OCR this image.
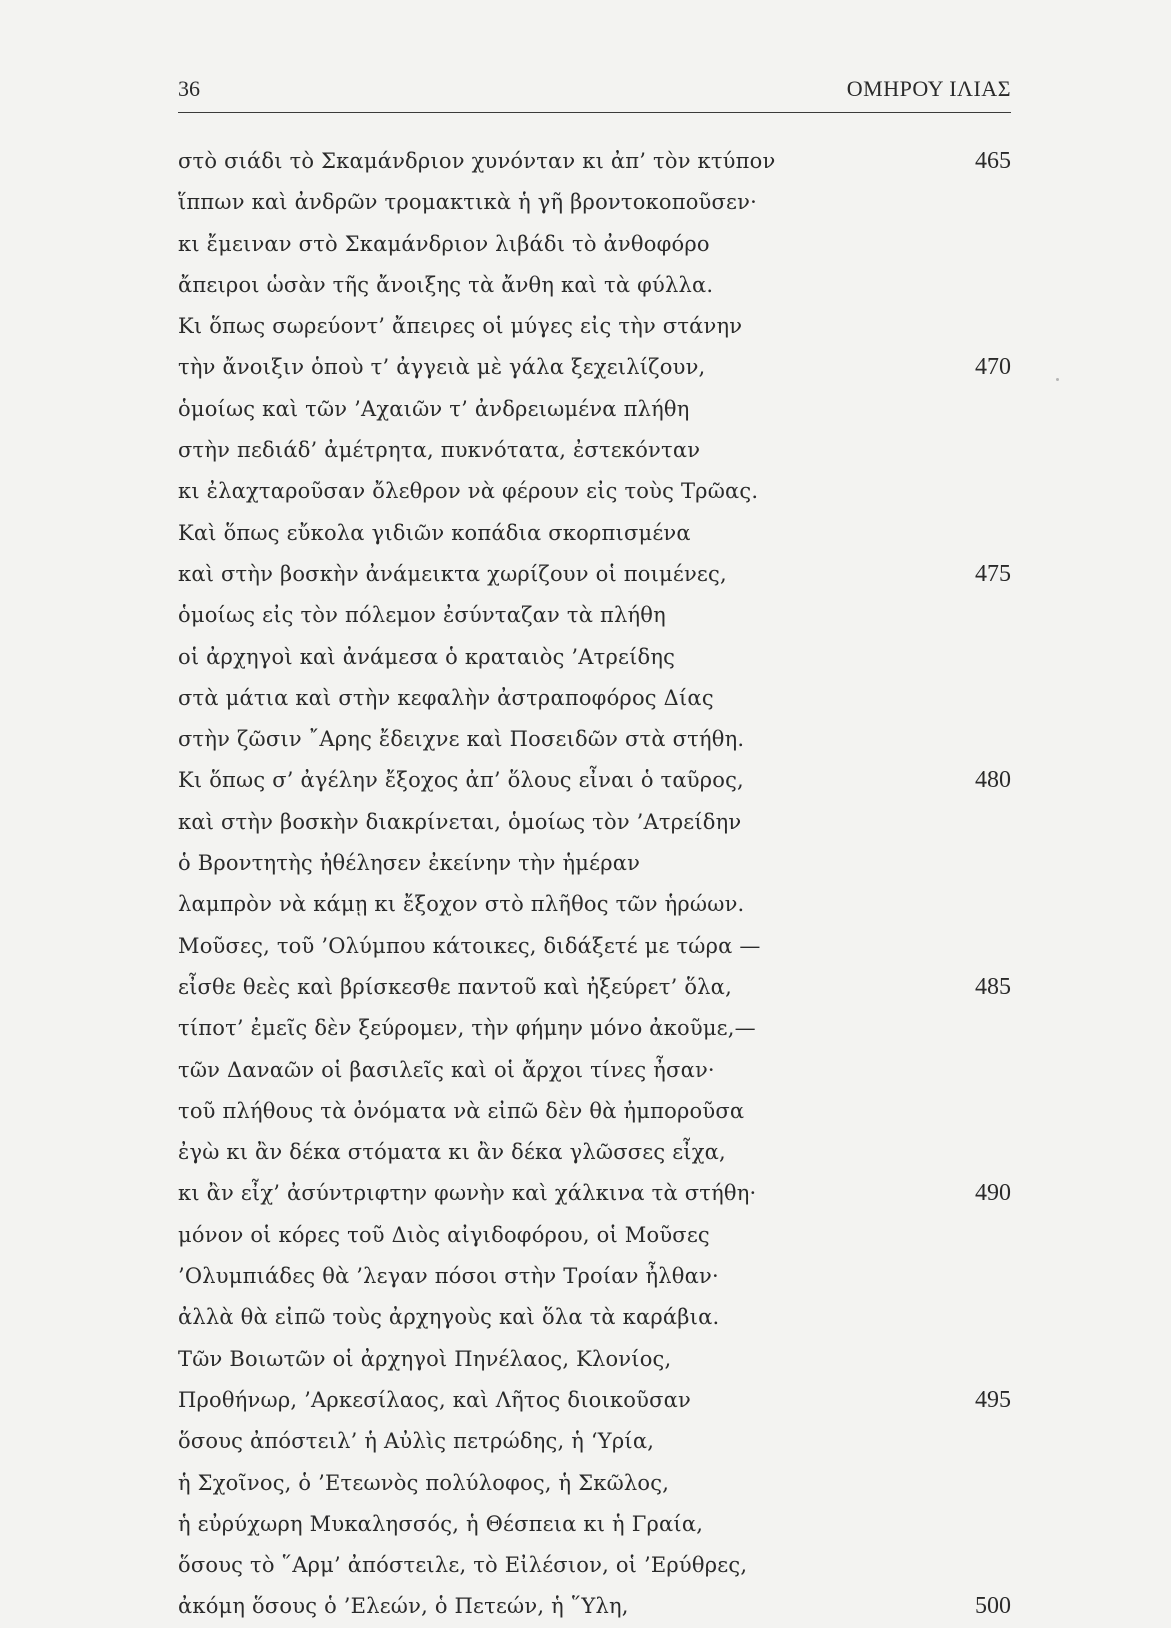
36	ΟΜΗΡΟΥ ΙΛΙΑΣ
στὸ σιάδι τὸ Σκαμάνδριον χυνόνταν κι ἀπ’ τὸν κτύπον	465
ἵππων καὶ ἀνδρῶν τρομακτικὰ ἡ γῆ βροντοκοποῦσεν·
κι ἔμειναν στὸ Σκαμάνδριον λιβάδι τὸ ἀνθοφόρο
ἄπειροι ὡσὰν τῆς ἄνοιξης τὰ ἄνθη καὶ τὰ φύλλα.
Κι ὅπως σωρεύοντ’ ἄπειρες οἱ μύγες εἰς τὴν στάνην
τὴν ἄνοιξιν ὁποὺ τ’ ἀγγειὰ μὲ γάλα ξεχειλίζουν,	470
ὁμοίως καὶ τῶν ’Αχαιῶν τ’ ἀνδρειωμένα πλήθη
στὴν πεδιάδ’ ἀμέτρητα, πυκνότατα, ἐστεκόνταν
κι ἐλαχταροῦσαν ὄλεθρον νὰ φέρουν εἰς τοὺς Τρῶας.
Καὶ ὅπως εὔκολα γιδιῶν κοπάδια σκορπισμένα
καὶ στὴν βοσκὴν ἀνάμεικτα χωρίζουν οἱ ποιμένες,	475
ὁμοίως εἰς τὸν πόλεμον ἐσύνταζαν τὰ πλήθη
οἱ ἀρχηγοὶ καὶ ἀνάμεσα ὁ κραταιὸς ’Ατρείδης
στὰ μάτια καὶ στὴν κεφαλὴν ἀστραποφόρος Δίας
στὴν ζῶσιν ῎Αρης ἔδειχνε καὶ Ποσειδῶν στὰ στήθη.
Κι ὅπως σ’ ἀγέλην ἔξοχος ἀπ’ ὅλους εἶναι ὁ ταῦρος,	480
καὶ στὴν βοσκὴν διακρίνεται, ὁμοίως τὸν ’Ατρείδην
ὁ Βροντητὴς ἠθέλησεν ἐκείνην τὴν ἡμέραν
λαμπρὸν νὰ κάμῃ κι ἔξοχον στὸ πλῆθος τῶν ἡρώων.
Μοῦσες, τοῦ ’Ολύμπου κάτοικες, διδάξετέ με τώρα —
εἶσθε θεὲς καὶ βρίσκεσθε παντοῦ καὶ ἠξεύρετ’ ὅλα,	485
τίποτ’ ἐμεῖς δὲν ξεύρομεν, τὴν φήμην μόνο ἀκοῦμε,—
τῶν Δαναῶν οἱ βασιλεῖς καὶ οἱ ἄρχοι τίνες ἦσαν·
τοῦ πλήθους τὰ ὀνόματα νὰ εἰπῶ δὲν θὰ ἠμποροῦσα
ἐγὼ κι ἂν δέκα στόματα κι ἂν δέκα γλῶσσες εἶχα,
κι ἂν εἶχ’ ἀσύντριφτην φωνὴν καὶ χάλκινα τὰ στήθη·	490
μόνον οἱ κόρες τοῦ Διὸς αἰγιδοφόρου, οἱ Μοῦσες
’Ολυμπιάδες θὰ ’λεγαν πόσοι στὴν Τροίαν ἦλθαν·
ἀλλὰ θὰ εἰπῶ τοὺς ἀρχηγοὺς καὶ ὅλα τὰ καράβια.
Τῶν Βοιωτῶν οἱ ἀρχηγοὶ Πηνέλαος, Κλονίος,
Προθήνωρ, ’Αρκεσίλαος, καὶ Λῆτος διοικοῦσαν	495
ὅσους ἀπόστειλ’ ἡ Αὐλὶς πετρώδης, ἡ ‘Υρία,
ἡ Σχοῖνος, ὁ ’Ετεωνὸς πολύλοφος, ἡ Σκῶλος,
ἡ εὐρύχωρη Μυκαλησσός, ἡ Θέσπεια κι ἡ Γραία,
ὅσους τὸ ῞Αρμ’ ἀπόστειλε, τὸ Εἰλέσιον, οἱ ’Ερύθρες,
ἀκόμη ὅσους ὁ ’Ελεών, ὁ Πετεών, ἡ ῞Υλη,	500
